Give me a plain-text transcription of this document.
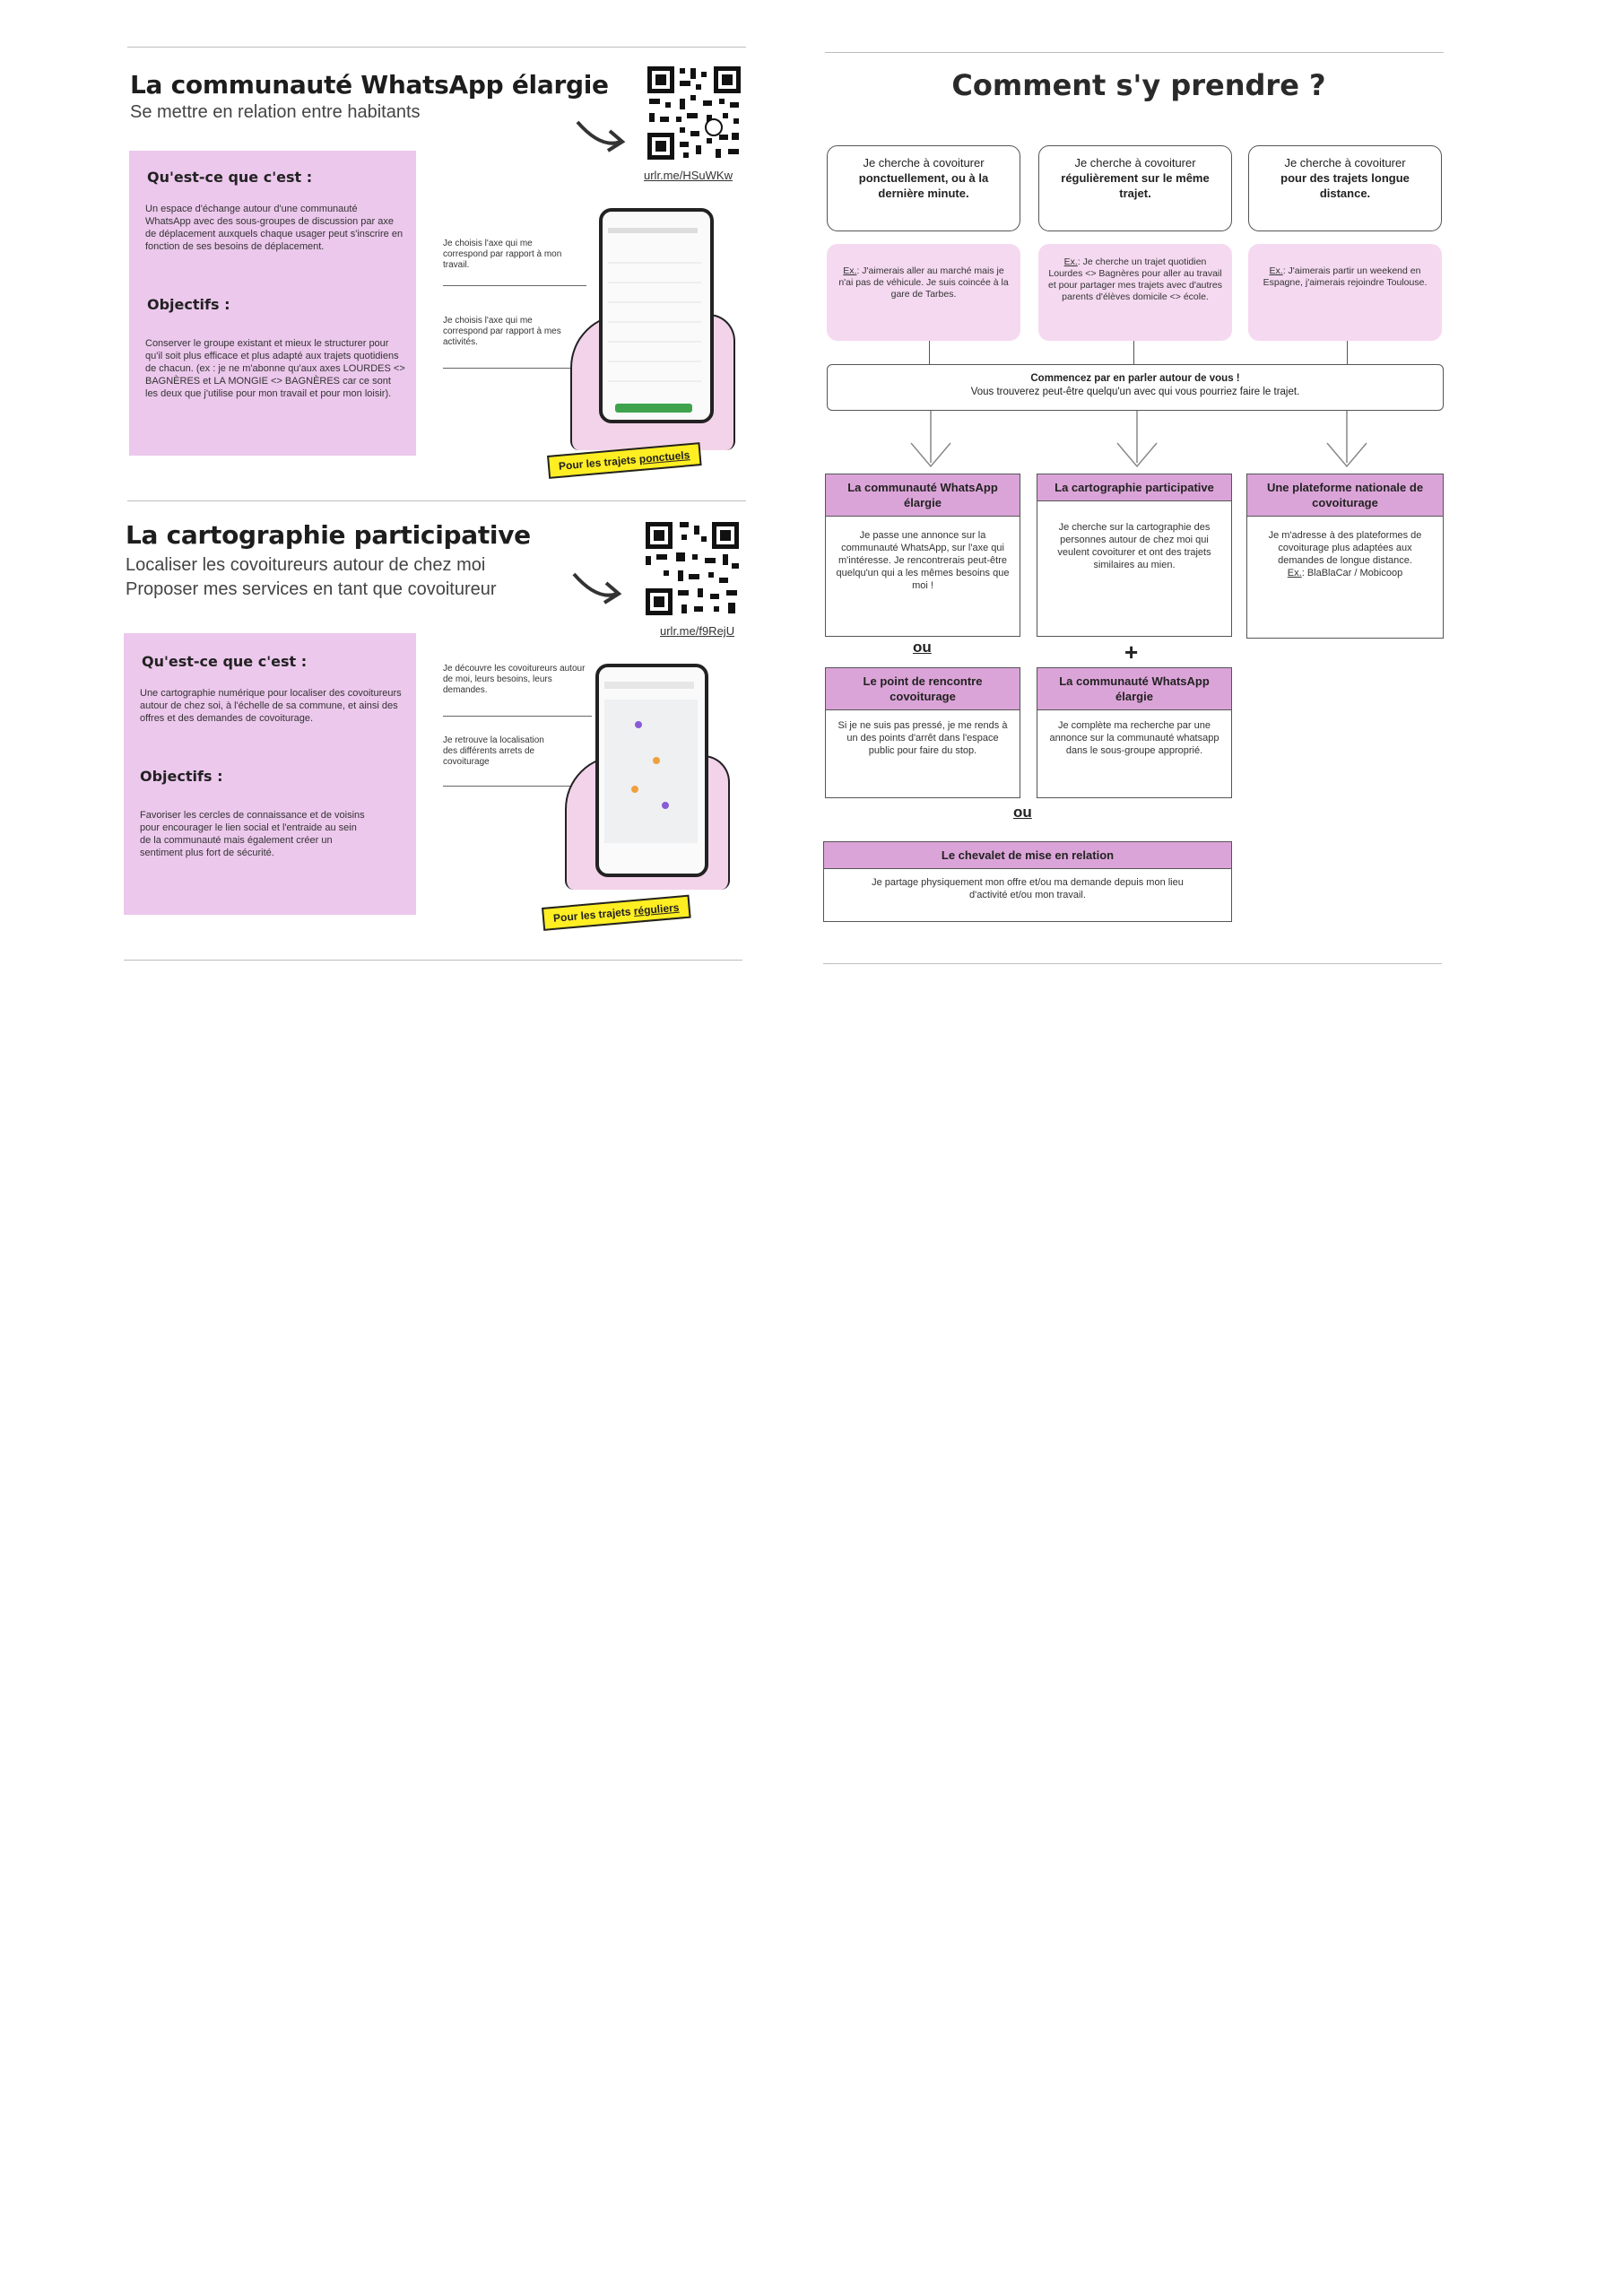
La communauté WhatsApp élargie
Se mettre en relation entre habitants
urlr.me/HSuWKw
Qu'est-ce que c'est :

Un espace d'échange autour d'une communauté WhatsApp avec des sous-groupes de discussion par axe de déplacement auxquels chaque usager peut s'inscrire en fonction de ses besoins de déplacement.

Objectifs :

Conserver le groupe existant et mieux le structurer pour qu'il soit plus efficace et plus adapté aux trajets quotidiens de chacun. (ex : je ne m'abonne qu'aux axes LOURDES <> BAGNÈRES et LA MONGIE <> BAGNÈRES car ce sont les deux que j'utilise pour mon travail et pour mon loisir).

Je choisis l'axe qui me correspond par rapport à mon travail.
Je choisis l'axe qui me correspond par rapport à mes activités.
Pour les trajets ponctuels
La cartographie participative
Localiser les covoitureurs autour de chez moi
Proposer mes services en tant que covoitureur
urlr.me/f9RejU
Qu'est-ce que c'est :

Une cartographie numérique pour localiser des covoitureurs autour de chez soi, à l'échelle de sa commune, et ainsi des offres et des demandes de covoiturage.

Objectifs :

Favoriser les cercles de connaissance et de voisins pour encourager le lien social et l'entraide au sein de la communauté mais également créer un sentiment plus fort de sécurité.

Je découvre les covoitureurs autour de moi, leurs besoins, leurs demandes.
Je retrouve la localisation des différents arrets de covoiturage
Pour les trajets réguliers
Comment s'y prendre ?
Je cherche à covoiturer
ponctuellement, ou à la dernière minute.
Je cherche à covoiturer
régulièrement sur le même trajet.
Je cherche à covoiturer
pour des trajets longue distance.
Ex.: J'aimerais aller au marché mais je n'ai pas de véhicule. Je suis coincée à la gare de Tarbes.
Ex.: Je cherche un trajet quotidien Lourdes <> Bagnères pour aller au travail et pour partager mes trajets avec d'autres parents d'élèves domicile <> école.
Ex.: J'aimerais partir un weekend en Espagne, j'aimerais rejoindre Toulouse.
Commencez par en parler autour de vous !
Vous trouverez peut-être quelqu'un avec qui vous pourriez faire le trajet.
La communauté WhatsApp élargie
Je passe une annonce sur la communauté WhatsApp, sur l'axe qui m'intéresse. Je rencontrerais peut-être quelqu'un qui a les mêmes besoins que moi !
La cartographie participative
Je cherche sur la cartographie des personnes autour de chez moi qui veulent covoiturer et ont des trajets similaires au mien.
Une plateforme nationale de covoiturage
Je m'adresse à des plateformes de covoiturage plus adaptées aux demandes de longue distance.
Ex.: BlaBlaCar / Mobicoop
ou	+
Le point de rencontre covoiturage
Si je ne suis pas pressé, je me rends à un des points d'arrêt dans l'espace public pour faire du stop.
La communauté WhatsApp élargie
Je complète ma recherche par une annonce sur la communauté whatsapp dans le sous-groupe approprié.
ou
Le chevalet de mise en relation
Je partage physiquement mon offre et/ou ma demande depuis mon lieu d'activité et/ou mon travail.
